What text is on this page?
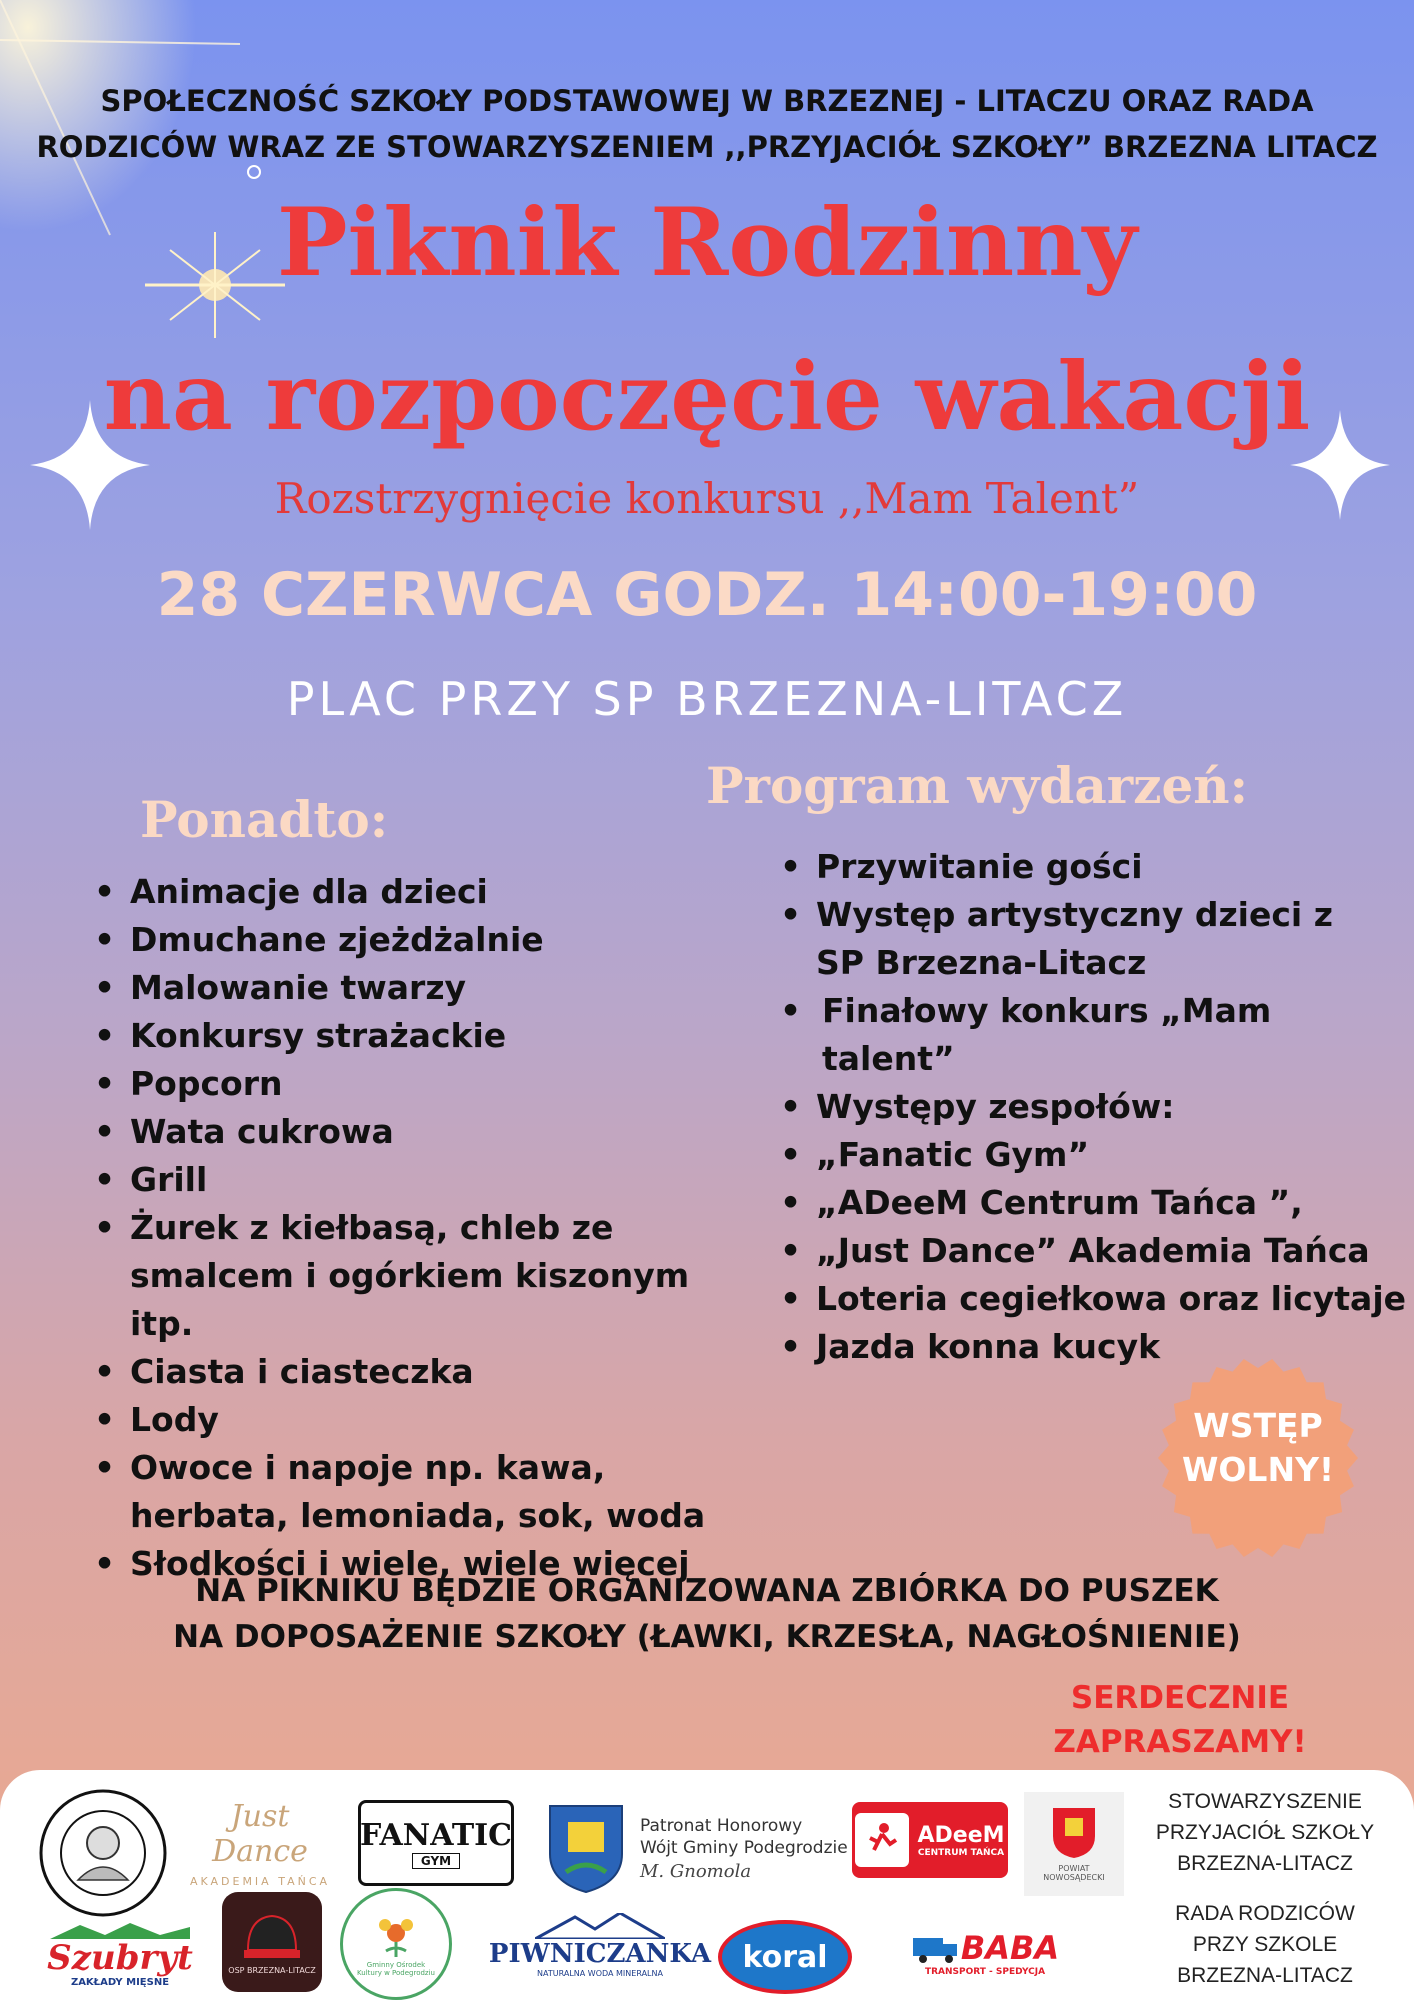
SPOŁECZNOŚĆ SZKOŁY PODSTAWOWEJ W BRZEZNEJ - LITACZU ORAZ RADA
RODZICÓW WRAZ ZE STOWARZYSZENIEM ,,PRZYJACIÓŁ SZKOŁY” BRZEZNA LITACZ
Piknik Rodzinny
na rozpoczęcie wakacji
Rozstrzygnięcie konkursu ,,Mam Talent”
28 CZERWCA GODZ. 14:00-19:00
PLAC PRZY SP BRZEZNA-LITACZ
Ponadto:
• Animacje dla dzieci
• Dmuchane zjeżdżalnie
• Malowanie twarzy
• Konkursy strażackie
• Popcorn
• Wata cukrowa
• Grill
• Żurek z kiełbasą, chleb ze smalcem i ogórkiem kiszonym itp.
• Ciasta i ciasteczka
• Lody
• Owoce i napoje np. kawa, herbata, lemoniada, sok, woda
• Słodkości i wiele, wiele więcej
Program wydarzeń:
• Przywitanie gości
• Występ artystyczny dzieci z SP Brzezna-Litacz
• Finałowy konkurs „Mam talent”
• Występy zespołów:
• „Fanatic Gym”
• „ADeeM Centrum Tańca ”,
• „Just Dance” Akademia Tańca
• Loteria cegiełkowa oraz licytaje
• Jazda konna kucyk
WSTĘP
WOLNY!
NA PIKNIKU BĘDZIE ORGANIZOWANA ZBIÓRKA DO PUSZEK
NA DOPOSAŻENIE SZKOŁY (ŁAWKI, KRZESŁA, NAGŁOŚNIENIE)
SERDECZNIE
ZAPRASZAMY!
Just Dance
AKADEMIA TAŃCA
FANATIC
GYM
Patronat Honorowy
Wójt Gminy Podegrodzie
M. Gnomola
ADeeM
CENTRUM TAŃCA
POWIAT NOWOSĄDECKI
STOWARZYSZENIE
PRZYJACIÓŁ SZKOŁY
BRZEZNA-LITACZ
Szubryt
ZAKŁADY MIĘSNE
OSP BRZEZNA-LITACZ
Gminny Ośrodek Kultury w Podegrodziu
PIWNICZANKA
NATURALNA WODA MINERALNA	koral	BABA
TRANSPORT - SPEDYCJA
RADA RODZICÓW
PRZY SZKOLE
BRZEZNA-LITACZ
